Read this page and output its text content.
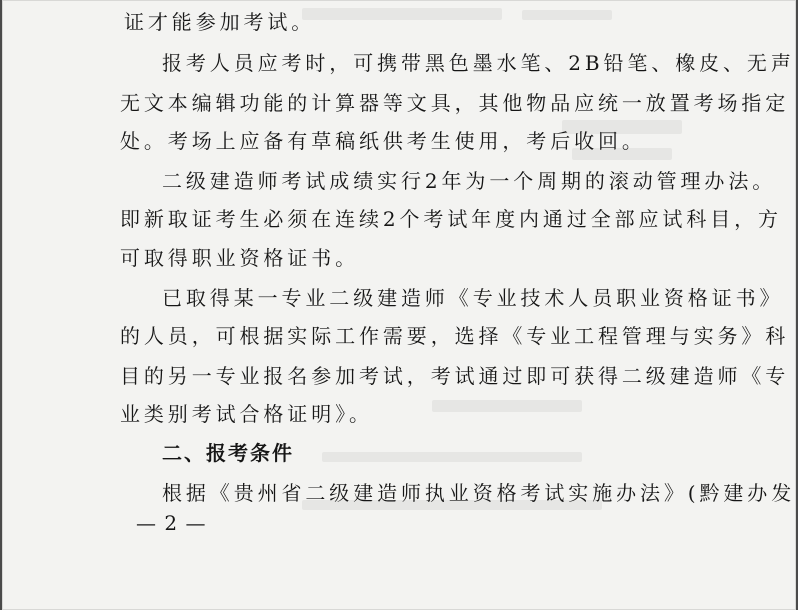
证才能参加考试。
报考人员应考时，可携带黑色墨水笔、2B铅笔、橡皮、无声
无文本编辑功能的计算器等文具，其他物品应统一放置考场指定
处。考场上应备有草稿纸供考生使用，考后收回。
二级建造师考试成绩实行2年为一个周期的滚动管理办法。
即新取证考生必须在连续2个考试年度内通过全部应试科目，方
可取得职业资格证书。
已取得某一专业二级建造师《专业技术人员职业资格证书》
的人员，可根据实际工作需要，选择《专业工程管理与实务》科
目的另一专业报名参加考试，考试通过即可获得二级建造师《专
业类别考试合格证明》。
二、报考条件
根据《贵州省二级建造师执业资格考试实施办法》(黔建办发
— 2 —
